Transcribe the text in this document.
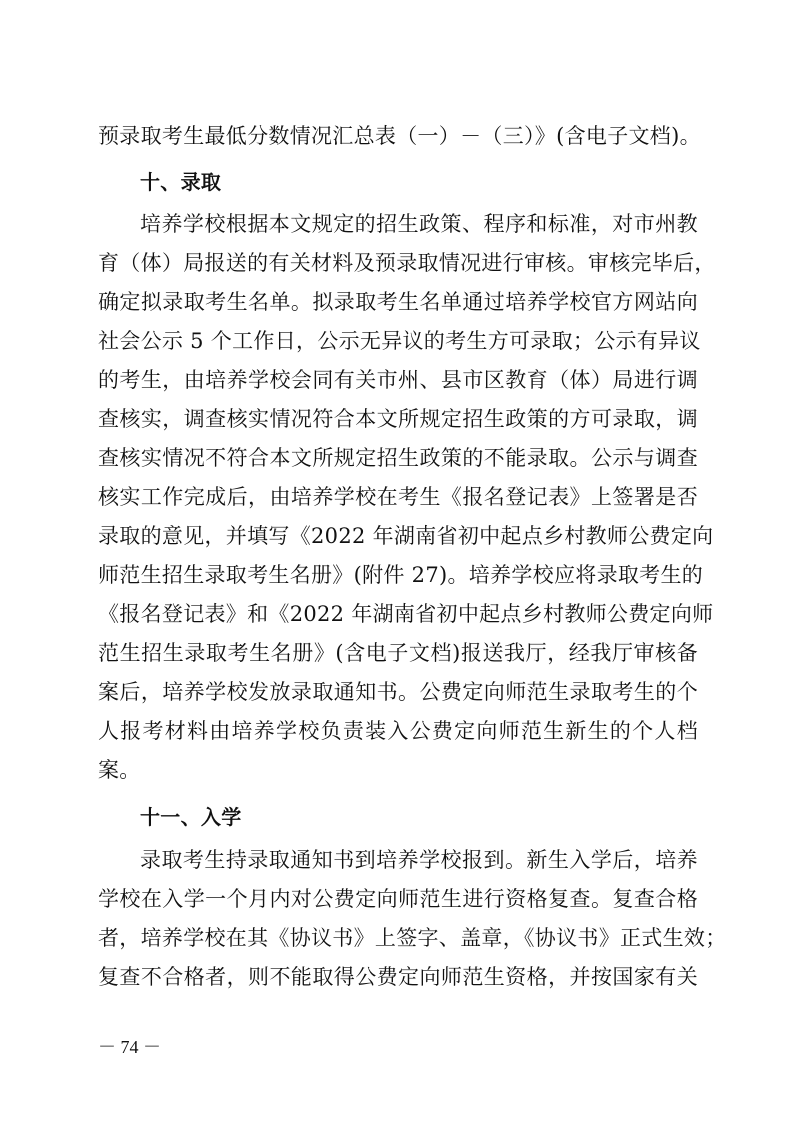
预录取考生最低分数情况汇总表（一）－（三）》(含电子文档)。
十、录取
培养学校根据本文规定的招生政策、程序和标准，对市州教
育（体）局报送的有关材料及预录取情况进行审核。审核完毕后，
确定拟录取考生名单。拟录取考生名单通过培养学校官方网站向
社会公示 5 个工作日，公示无异议的考生方可录取；公示有异议
的考生，由培养学校会同有关市州、县市区教育（体）局进行调
查核实，调查核实情况符合本文所规定招生政策的方可录取，调
查核实情况不符合本文所规定招生政策的不能录取。公示与调查
核实工作完成后，由培养学校在考生《报名登记表》上签署是否
录取的意见，并填写《2022 年湖南省初中起点乡村教师公费定向
师范生招生录取考生名册》(附件 27)。培养学校应将录取考生的
《报名登记表》和《2022 年湖南省初中起点乡村教师公费定向师
范生招生录取考生名册》(含电子文档)报送我厅，经我厅审核备
案后，培养学校发放录取通知书。公费定向师范生录取考生的个
人报考材料由培养学校负责装入公费定向师范生新生的个人档
案。
十一、入学
录取考生持录取通知书到培养学校报到。新生入学后，培养
学校在入学一个月内对公费定向师范生进行资格复查。复查合格
者，培养学校在其《协议书》上签字、盖章，《协议书》正式生效；
复查不合格者，则不能取得公费定向师范生资格，并按国家有关
－ 74 －
